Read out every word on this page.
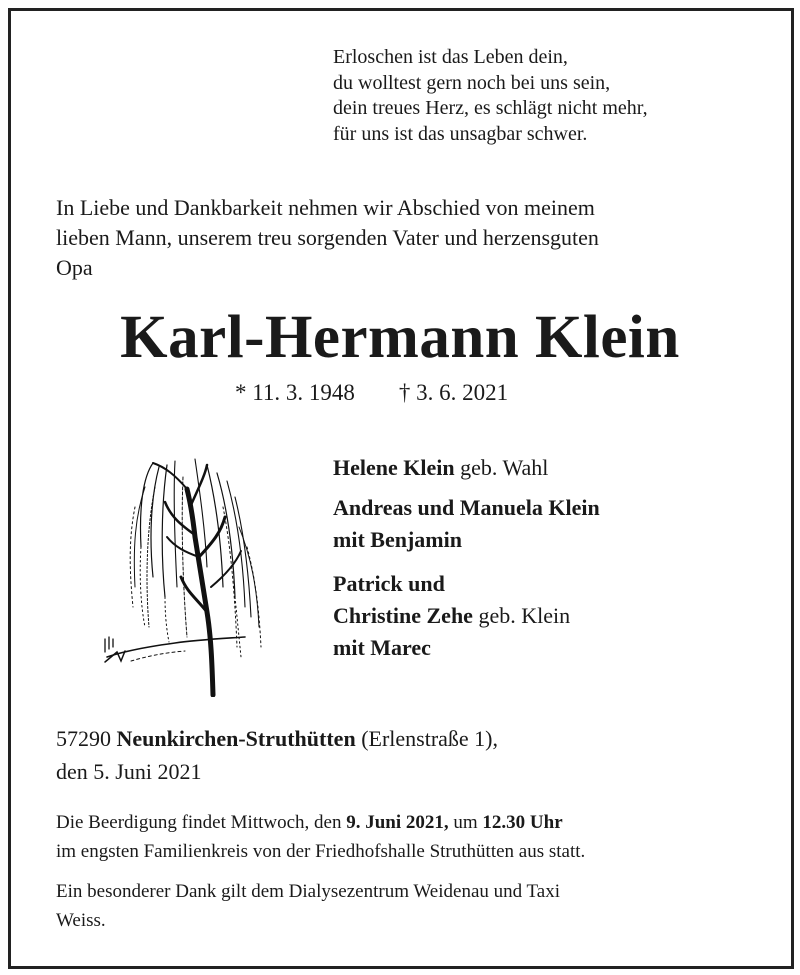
Erloschen ist das Leben dein,
du wolltest gern noch bei uns sein,
dein treues Herz, es schlägt nicht mehr,
für uns ist das unsagbar schwer.
In Liebe und Dankbarkeit nehmen wir Abschied von meinem
lieben Mann, unserem treu sorgenden Vater und herzensguten
Opa
Karl-Hermann Klein
* 11. 3. 1948 † 3. 6. 2021
Helene Klein geb. Wahl
Andreas und Manuela Klein
mit Benjamin
Patrick und
Christine Zehe geb. Klein
mit Marec
57290 Neunkirchen-Struthütten (Erlenstraße 1),
den 5. Juni 2021
Die Beerdigung findet Mittwoch, den 9. Juni 2021, um 12.30 Uhr
im engsten Familienkreis von der Friedhofshalle Struthütten aus statt.
Ein besonderer Dank gilt dem Dialysezentrum Weidenau und Taxi
Weiss.
